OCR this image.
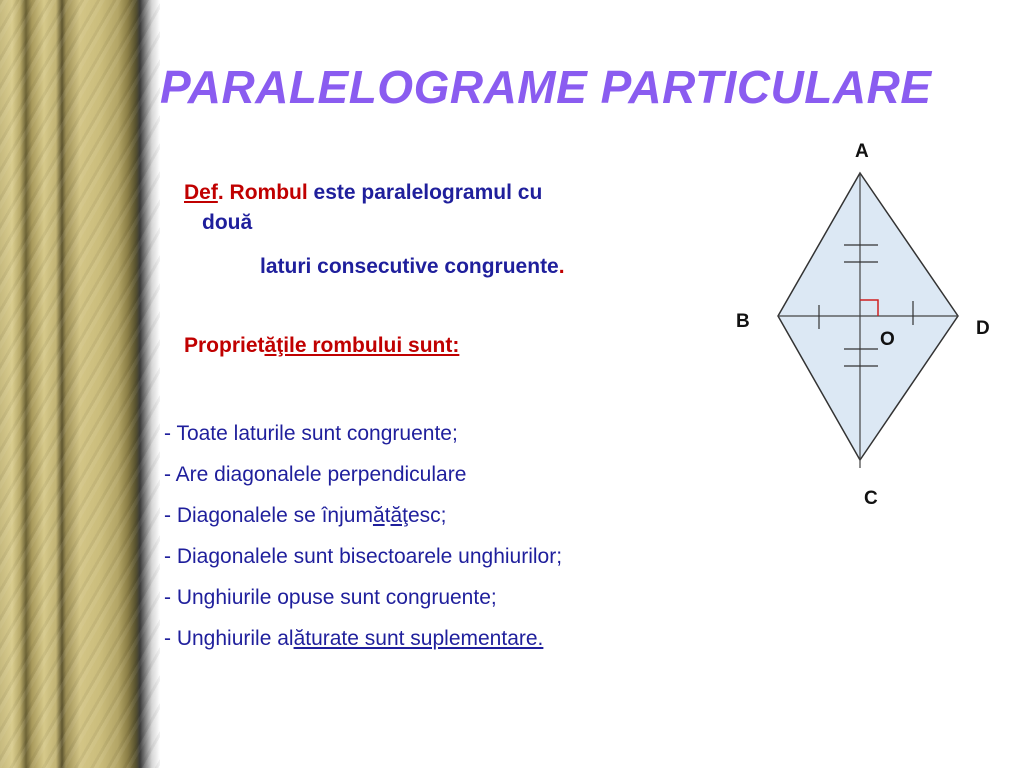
PARALELOGRAME PARTICULARE
Def. Rombul este paralelogramul cu
două
laturi consecutive congruente.
Proprietăţile rombului sunt:
- Toate laturile sunt congruente;
- Are diagonalele perpendiculare
- Diagonalele se înjumătăţesc;
- Diagonalele sunt bisectoarele unghiurilor;
- Unghiurile opuse sunt congruente;
- Unghiurile alăturate sunt suplementare.
A
B
C
D
O
